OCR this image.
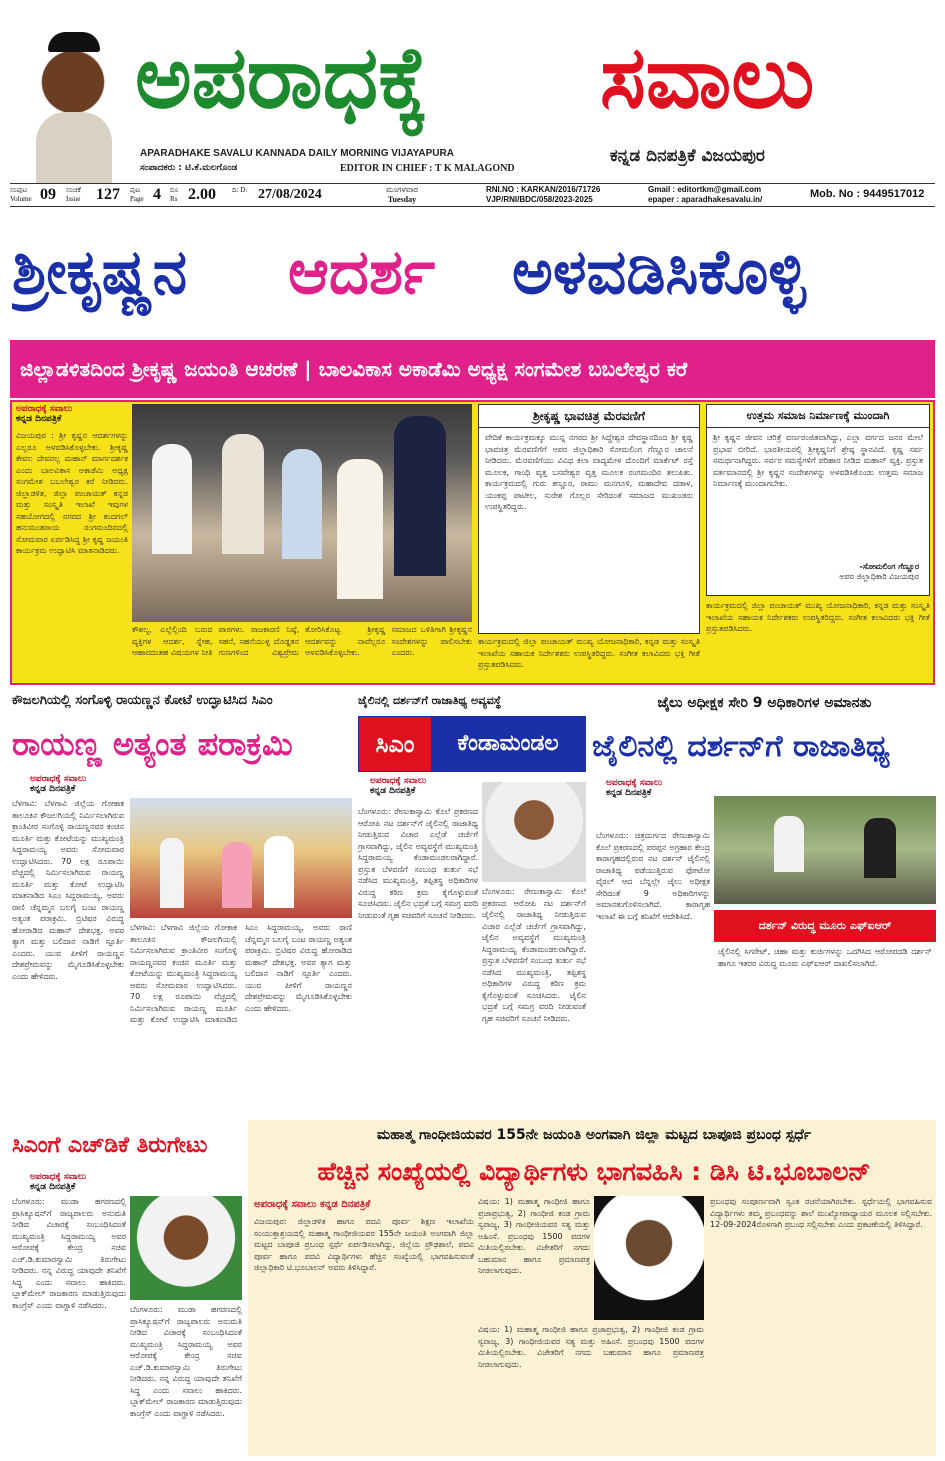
ಅಪರಾಧಕ್ಕೆ	ಸವಾಲು
APARADHAKE SAVALU KANNADA DAILY MORNING VIJAYAPURA
ಸಂಪಾದಕರು : ಟಿ.ಕೆ.ಮಲಗೊಂಡ	EDITOR IN CHIEF : T K MALAGOND
ಕನ್ನಡ ದಿನಪತ್ರಿಕೆ ವಿಜಯಪುರ
ಸಂಪುಟ
Volume 09 ಸಂಚಿಕೆ
Issue 127 ಪುಟ
Page 4 ರೂ
Rs 2.00 ದಿ: D: 27/08/2024	ಮಂಗಳವಾರ
Tuesday
RNI.NO : KARKAN/2016/71726
VJP/RNI/BDC/058/2023-2025
Gmail : editortkm@gmail.com
epaper : aparadhakesavalu.in/	Mob. No : 9449517012
ಶ್ರೀಕೃಷ್ಣನ	ಆದರ್ಶ	ಅಳವಡಿಸಿಕೊಳ್ಳಿ
ಜಿಲ್ಲಾಡಳಿತದಿಂದ ಶ್ರೀಕೃಷ್ಣ ಜಯಂತಿ ಆಚರಣೆ | ಬಾಲವಿಕಾಸ ಅಕಾಡೆಮಿ ಅಧ್ಯಕ್ಷ ಸಂಗಮೇಶ ಬಬಲೇಶ್ವರ ಕರೆ
ಅಪರಾಧಕ್ಕೆ ಸವಾಲು
ಕನ್ನಡ ದಿನಪತ್ರಿಕೆ
ವಿಜಯಪುರ : ಶ್ರೀ ಕೃಷ್ಣನ ಆದರ್ಶಗಳನ್ನು ಎಲ್ಲರೂ ಅಳವಡಿಸಿಕೊಳ್ಳಬೇಕು. ಶ್ರೀಕೃಷ್ಣ ಕೇವಲ ದೇವರಲ್ಲ ಮಹಾನ್ ಮಾರ್ಗದರ್ಶಕ ಎಂದು ಬಾಲವಿಕಾಸ ಅಕಾಡೆಮಿ ಅಧ್ಯಕ್ಷ ಸಂಗಮೇಶ ಬಬಲೇಶ್ವರ ಕರೆ ನೀಡಿದರು. ಜಿಲ್ಲಾಡಳಿತ, ಜಿಲ್ಲಾ ಪಂಚಾಯತ್ ಕನ್ನಡ ಮತ್ತು ಸಂಸ್ಕೃತಿ ಇಲಾಖೆ ಇವುಗಳ ಸಹಯೋಗದಲ್ಲಿ ನಗರದ ಶ್ರೀ ಕಂದಗಲ್ ಹನುಮಂತರಾಯ ರಂಗಮಂದಿರದಲ್ಲಿ ಸೋಮವಾರ ಏರ್ಪಡಿಸಿದ್ದ ಶ್ರೀ ಕೃಷ್ಣ ಜಯಂತಿ ಕಾರ್ಯಕ್ರಮ ಉದ್ಘಾಟಿಸಿ ಮಾತನಾಡಿದರು.
ಕೌಶಲ್ಯ, ಎಲ್ಲೆಲ್ಲಿಂದಿ ಬರುವ ವ್ಯಕ್ತಿಗಳ ಆದರ್ಶ, ಸ್ನೇಹ, ಆಹಾರದಂತಹ ವಿಷಯಗಳ ನೀತಿ ಪಾಠಗಳು. ರಾಜಕಾರಣಿ ನಿಷ್ಠೆ, ಸಹನೆ, ಸಹನೆಯುಳ್ಳ ದೊಡ್ಡತನ ಗುಣಗಳಿಂದ ವಿಶ್ವಪ್ರೇಮ ತೋರಿಸಿಕೊಟ್ಟ ಶ್ರೀಕೃಷ್ಣ ಆದರ್ಶವನ್ನು ನಾವೆಲ್ಲರೂ ಅಳವಡಿಸಿಕೊಳ್ಳಬೇಕು. ಸಮಾಜದ ಒಳಿತಿಗಾಗಿ ಶ್ರೀಕೃಷ್ಣನ ಸಂದೇಶಗಳನ್ನು ಪಾಲಿಸಬೇಕು ಎಂದರು.
ಶ್ರೀಕೃಷ್ಣ ಭಾವಚಿತ್ರ ಮೆರವಣಿಗೆ
ವೇದಿಕೆ ಕಾರ್ಯಕ್ರಮಕ್ಕೂ ಮುನ್ನ ನಗರದ ಶ್ರೀ ಸಿದ್ದೇಶ್ವರ ದೇವಸ್ಥಾನದಿಂದ ಶ್ರೀ ಕೃಷ್ಣ ಭಾವಚಿತ್ರ ಮೆರವಣಿಗೆಗೆ ಅಪರ ಜಿಲ್ಲಾಧಿಕಾರಿ ಸೋಮಲಿಂಗ ಗೆಣ್ಣೂರ ಚಾಲನೆ ನೀಡಿದರು. ಮೆರವಣಿಗೆಯು ವಿವಿಧ ಕಲಾ ವಾದ್ಯಮೇಳ ದೊಂದಿಗೆ ಮಾರ್ಕೆಟ್ ರಸ್ತೆ ಮೂಲಕ, ಗಾಂಧಿ ವೃತ್ತ ಬಸವೇಶ್ವರ ವೃತ್ತ ಮೂಲಕ ರಂಗಮಂದಿರ ತಲುಪಿತು. ಕಾರ್ಯಕ್ರಮದಲ್ಲಿ ಗುರು ಕಣ್ಣೂರ, ರಾಮು ಮನಗೂಳಿ, ಮಹಾದೇವ ದಡಾಳ, ಯಂಕಪ್ಪ ಪಾಟೀಲ, ಸುರೇಶ ಗೊಲ್ಲರ ಸೇರಿದಂತೆ ಸಮಾಜದ ಮುಖಂಡರು ಉಪಸ್ಥಿತರಿದ್ದರು.
ಕಾರ್ಯಕ್ರಮದಲ್ಲಿ ಜಿಲ್ಲಾ ಪಂಚಾಯತ್ ಮುಖ್ಯ ಯೋಜನಾಧಿಕಾರಿ, ಕನ್ನಡ ಮತ್ತು ಸಂಸ್ಕೃತಿ ಇಲಾಖೆಯ ಸಹಾಯಕ ನಿರ್ದೇಶಕರು ಉಪಸ್ಥಿತರಿದ್ದರು. ಸಂಗೀತ ಕಲಾವಿದರು ಭಕ್ತಿ ಗೀತೆ ಪ್ರಸ್ತುತಪಡಿಸಿದರು.
ಉತ್ತಮ ಸಮಾಜ ನಿರ್ಮಾಣಕ್ಕೆ ಮುಂದಾಗಿ
ಶ್ರೀ ಕೃಷ್ಣನ ಜೀವನ ಚರಿತ್ರೆ ವರ್ಣರಂಜಿತವಾಗಿದ್ದು, ಎಲ್ಲಾ ವರ್ಗದ ಜನರ ಮೇಲೆ ಪ್ರಭಾವ ಬೀರಿದೆ. ಭಾರತೀಯರಲ್ಲಿ ಶ್ರೀಕೃಷ್ಣನಿಗೆ ಶ್ರೇಷ್ಠ ಸ್ಥಾನವಿದೆ. ಕೃಷ್ಣ ಸರ್ವ ಸಮರ್ಥನಾಗಿದ್ದರು. ಸರ್ವರ ಸಮಸ್ಯೆಗಳಿಗೆ ಪರಿಹಾರ ನೀಡಿದ ಮಹಾನ್ ವ್ಯಕ್ತಿ. ಪ್ರಸ್ತುತ ವರ್ತಮಾನದಲ್ಲಿ ಶ್ರೀ ಕೃಷ್ಣನ ಸಂದೇಶಗಳನ್ನು ಅಳವಡಿಸಿಕೊಂಡು ಉತ್ತಮ ಸಮಾಜ ನಿರ್ಮಾಣಕ್ಕೆ ಮುಂದಾಗಬೇಕು.
-ಸೋಮಲಿಂಗ ಗೆಣ್ಣೂರ
ಅಪರ ಜಿಲ್ಲಾಧಿಕಾರಿ ವಿಜಯಪುರ
ಕಾರ್ಯಕ್ರಮದಲ್ಲಿ ಜಿಲ್ಲಾ ಪಂಚಾಯತ್ ಮುಖ್ಯ ಯೋಜನಾಧಿಕಾರಿ, ಕನ್ನಡ ಮತ್ತು ಸಂಸ್ಕೃತಿ ಇಲಾಖೆಯ ಸಹಾಯಕ ನಿರ್ದೇಶಕರು ಉಪಸ್ಥಿತರಿದ್ದರು. ಸಂಗೀತ ಕಲಾವಿದರು ಭಕ್ತಿ ಗೀತೆ ಪ್ರಸ್ತುತಪಡಿಸಿದರು.
ಕೌಜಲಗಿಯಲ್ಲಿ ಸಂಗೊಳ್ಳಿ ರಾಯಣ್ಣನ ಕೋಟೆ ಉದ್ಘಾಟಿಸಿದ ಸಿಎಂ
ರಾಯಣ್ಣ ಅತ್ಯಂತ ಪರಾಕ್ರಮಿ
ಅಪರಾಧಕ್ಕೆ ಸವಾಲು
ಕನ್ನಡ ದಿನಪತ್ರಿಕೆ
ಬೆಳಗಾವಿ: ಬೆಳಗಾವಿ ಜಿಲ್ಲೆಯ ಗೋಕಾಕ ತಾಲೂಕಿನ ಕೌಜಲಗಿಯಲ್ಲಿ ನಿರ್ಮಿಸಲಾಗಿರುವ ಕ್ರಾಂತಿವೀರ ಸಂಗೊಳ್ಳಿ ರಾಯಣ್ಣನವರ ಕಂಚಿನ ಮೂರ್ತಿ ಮತ್ತು ಕೋಟೆಯನ್ನು ಮುಖ್ಯಮಂತ್ರಿ ಸಿದ್ದರಾಮಯ್ಯ ಅವರು ಸೋಮವಾರ ಉದ್ಘಾಟಿಸಿದರು. 70 ಲಕ್ಷ ರೂಪಾಯಿ ವೆಚ್ಚದಲ್ಲಿ ನಿರ್ಮಿಸಲಾಗಿರುವ ರಾಯಣ್ಣ ಮೂರ್ತಿ ಮತ್ತು ಕೋಟೆ ಉದ್ಘಾಟಿಸಿ ಮಾತನಾಡಿದ ಸಿಎಂ ಸಿದ್ದರಾಮಯ್ಯ, ಅವರು ರಾಣಿ ಚೆನ್ನಮ್ಮನ ಬಲಗೈ ಬಂಟ ರಾಯಣ್ಣ ಅತ್ಯಂತ ಪರಾಕ್ರಮಿ. ಬ್ರಿಟಿಷರ ವಿರುದ್ಧ ಹೋರಾಡಿದ ಮಹಾನ್ ದೇಶಭಕ್ತ. ಅವರ ತ್ಯಾಗ ಮತ್ತು ಬಲಿದಾನ ನಾಡಿಗೆ ಸ್ಫೂರ್ತಿ ಎಂದರು. ಯುವ ಪೀಳಿಗೆ ರಾಯಣ್ಣನ ದೇಶಪ್ರೇಮವನ್ನು ಮೈಗೂಡಿಸಿಕೊಳ್ಳಬೇಕು ಎಂದು ಹೇಳಿದರು.
ಬೆಳಗಾವಿ: ಬೆಳಗಾವಿ ಜಿಲ್ಲೆಯ ಗೋಕಾಕ ತಾಲೂಕಿನ ಕೌಜಲಗಿಯಲ್ಲಿ ನಿರ್ಮಿಸಲಾಗಿರುವ ಕ್ರಾಂತಿವೀರ ಸಂಗೊಳ್ಳಿ ರಾಯಣ್ಣನವರ ಕಂಚಿನ ಮೂರ್ತಿ ಮತ್ತು ಕೋಟೆಯನ್ನು ಮುಖ್ಯಮಂತ್ರಿ ಸಿದ್ದರಾಮಯ್ಯ ಅವರು ಸೋಮವಾರ ಉದ್ಘಾಟಿಸಿದರು. 70 ಲಕ್ಷ ರೂಪಾಯಿ ವೆಚ್ಚದಲ್ಲಿ ನಿರ್ಮಿಸಲಾಗಿರುವ ರಾಯಣ್ಣ ಮೂರ್ತಿ ಮತ್ತು ಕೋಟೆ ಉದ್ಘಾಟಿಸಿ ಮಾತನಾಡಿದ ಸಿಎಂ ಸಿದ್ದರಾಮಯ್ಯ, ಅವರು ರಾಣಿ ಚೆನ್ನಮ್ಮನ ಬಲಗೈ ಬಂಟ ರಾಯಣ್ಣ ಅತ್ಯಂತ ಪರಾಕ್ರಮಿ. ಬ್ರಿಟಿಷರ ವಿರುದ್ಧ ಹೋರಾಡಿದ ಮಹಾನ್ ದೇಶಭಕ್ತ. ಅವರ ತ್ಯಾಗ ಮತ್ತು ಬಲಿದಾನ ನಾಡಿಗೆ ಸ್ಫೂರ್ತಿ ಎಂದರು. ಯುವ ಪೀಳಿಗೆ ರಾಯಣ್ಣನ ದೇಶಪ್ರೇಮವನ್ನು ಮೈಗೂಡಿಸಿಕೊಳ್ಳಬೇಕು ಎಂದು ಹೇಳಿದರು.
ಜೈಲಿನಲ್ಲಿ ದರ್ಶನ್‌ಗೆ ರಾಜಾತಿಥ್ಯ ಅವ್ಯವಸ್ಥೆ
ಸಿಎಂ	ಕೆಂಡಾಮಂಡಲ
ಅಪರಾಧಕ್ಕೆ ಸವಾಲು
ಕನ್ನಡ ದಿನಪತ್ರಿಕೆ
ಬೆಂಗಳೂರು: ರೇಣುಕಾಸ್ವಾಮಿ ಕೊಲೆ ಪ್ರಕರಣದ ಆರೋಪಿ ನಟ ದರ್ಶನ್‌ಗೆ ಜೈಲಿನಲ್ಲಿ ರಾಜಾತಿಥ್ಯ ನೀಡುತ್ತಿರುವ ವಿಚಾರ ಎಲ್ಲೆಡೆ ಚರ್ಚೆಗೆ ಗ್ರಾಸವಾಗಿದ್ದು, ಜೈಲಿನ ಅವ್ಯವಸ್ಥೆಗೆ ಮುಖ್ಯಮಂತ್ರಿ ಸಿದ್ದರಾಮಯ್ಯ ಕೆಂಡಾಮಂಡಲರಾಗಿದ್ದಾರೆ. ಪ್ರಸ್ತುತ ಬೆಳವಣಿಗೆ ಸಂಬಂಧ ತುರ್ತು ಸಭೆ ನಡೆಸಿದ ಮುಖ್ಯಮಂತ್ರಿ, ತಪ್ಪಿತಸ್ಥ ಅಧಿಕಾರಿಗಳ ವಿರುದ್ಧ ಕಠಿಣ ಕ್ರಮ ಕೈಗೊಳ್ಳುವಂತೆ ಸೂಚಿಸಿದರು. ಜೈಲಿನ ಭದ್ರತೆ ಬಗ್ಗೆ ಸಮಗ್ರ ವರದಿ ನೀಡುವಂತೆ ಗೃಹ ಸಚಿವರಿಗೆ ಸೂಚನೆ ನೀಡಿದರು.
ಬೆಂಗಳೂರು: ರೇಣುಕಾಸ್ವಾಮಿ ಕೊಲೆ ಪ್ರಕರಣದ ಆರೋಪಿ ನಟ ದರ್ಶನ್‌ಗೆ ಜೈಲಿನಲ್ಲಿ ರಾಜಾತಿಥ್ಯ ನೀಡುತ್ತಿರುವ ವಿಚಾರ ಎಲ್ಲೆಡೆ ಚರ್ಚೆಗೆ ಗ್ರಾಸವಾಗಿದ್ದು, ಜೈಲಿನ ಅವ್ಯವಸ್ಥೆಗೆ ಮುಖ್ಯಮಂತ್ರಿ ಸಿದ್ದರಾಮಯ್ಯ ಕೆಂಡಾಮಂಡಲರಾಗಿದ್ದಾರೆ. ಪ್ರಸ್ತುತ ಬೆಳವಣಿಗೆ ಸಂಬಂಧ ತುರ್ತು ಸಭೆ ನಡೆಸಿದ ಮುಖ್ಯಮಂತ್ರಿ, ತಪ್ಪಿತಸ್ಥ ಅಧಿಕಾರಿಗಳ ವಿರುದ್ಧ ಕಠಿಣ ಕ್ರಮ ಕೈಗೊಳ್ಳುವಂತೆ ಸೂಚಿಸಿದರು. ಜೈಲಿನ ಭದ್ರತೆ ಬಗ್ಗೆ ಸಮಗ್ರ ವರದಿ ನೀಡುವಂತೆ ಗೃಹ ಸಚಿವರಿಗೆ ಸೂಚನೆ ನೀಡಿದರು.
ಜೈಲು ಅಧೀಕ್ಷಕ ಸೇರಿ 9 ಅಧಿಕಾರಿಗಳ ಅಮಾನತು
ಜೈಲಿನಲ್ಲಿ ದರ್ಶನ್‌ಗೆ ರಾಜಾತಿಥ್ಯ
ಅಪರಾಧಕ್ಕೆ ಸವಾಲು
ಕನ್ನಡ ದಿನಪತ್ರಿಕೆ
ಬೆಂಗಳೂರು: ಚಿತ್ರದುರ್ಗದ ರೇಣುಕಾಸ್ವಾಮಿ ಕೊಲೆ ಪ್ರಕರಣದಲ್ಲಿ ಪರಪ್ಪನ ಅಗ್ರಹಾರ ಕೇಂದ್ರ ಕಾರಾಗೃಹದಲ್ಲಿರುವ ನಟ ದರ್ಶನ್ ಜೈಲಿನಲ್ಲಿ ರಾಜಾತಿಥ್ಯ ಪಡೆಯುತ್ತಿರುವ ಫೋಟೋ ವೈರಲ್ ಆದ ಬೆನ್ನಲ್ಲೇ ಜೈಲು ಅಧೀಕ್ಷಕ ಸೇರಿದಂತೆ 9 ಅಧಿಕಾರಿಗಳನ್ನು ಅಮಾನತುಗೊಳಿಸಲಾಗಿದೆ. ಕಾರಾಗೃಹ ಇಲಾಖೆ ಈ ಬಗ್ಗೆ ತನಿಖೆಗೆ ಆದೇಶಿಸಿದೆ.
ದರ್ಶನ್ ವಿರುದ್ಧ ಮೂರು ಎಫ್‌ಐಆರ್
ಜೈಲಿನಲ್ಲಿ ಸಿಗರೇಟ್, ಚಹಾ ಮತ್ತು ಕುರ್ಚಿಗಳನ್ನು ಒದಗಿಸಿದ ಆರೋಪದಡಿ ದರ್ಶನ್ ಹಾಗೂ ಇತರರ ವಿರುದ್ಧ ಮೂರು ಎಫ್‌ಐಆರ್ ದಾಖಲಿಸಲಾಗಿದೆ.
ಸಿಎಂಗೆ ಎಚ್‌ಡಿಕೆ ತಿರುಗೇಟು
ಅಪರಾಧಕ್ಕೆ ಸವಾಲು
ಕನ್ನಡ ದಿನಪತ್ರಿಕೆ
ಬೆಂಗಳೂರು: ಮುಡಾ ಹಗರಣದಲ್ಲಿ ಪ್ರಾಸಿಕ್ಯೂಷನ್‌ಗೆ ರಾಜ್ಯಪಾಲರು ಅನುಮತಿ ನೀಡಿದ ವಿಚಾರಕ್ಕೆ ಸಂಬಂಧಿಸಿದಂತೆ ಮುಖ್ಯಮಂತ್ರಿ ಸಿದ್ದರಾಮಯ್ಯ ಅವರ ಆರೋಪಕ್ಕೆ ಕೇಂದ್ರ ಸಚಿವ ಎಚ್.ಡಿ.ಕುಮಾರಸ್ವಾಮಿ ತಿರುಗೇಟು ನೀಡಿದರು. ನನ್ನ ವಿರುದ್ಧ ಯಾವುದೇ ತನಿಖೆಗೆ ಸಿದ್ಧ ಎಂದು ಸವಾಲು ಹಾಕಿದರು. ಬ್ಲಾಕ್‌ಮೇಲ್ ರಾಜಕಾರಣ ಮಾಡುತ್ತಿರುವುದು ಕಾಂಗ್ರೆಸ್ ಎಂದು ವಾಗ್ದಾಳಿ ನಡೆಸಿದರು.	ಬೆಂಗಳೂರು: ಮುಡಾ ಹಗರಣದಲ್ಲಿ ಪ್ರಾಸಿಕ್ಯೂಷನ್‌ಗೆ ರಾಜ್ಯಪಾಲರು ಅನುಮತಿ ನೀಡಿದ ವಿಚಾರಕ್ಕೆ ಸಂಬಂಧಿಸಿದಂತೆ ಮುಖ್ಯಮಂತ್ರಿ ಸಿದ್ದರಾಮಯ್ಯ ಅವರ ಆರೋಪಕ್ಕೆ ಕೇಂದ್ರ ಸಚಿವ ಎಚ್.ಡಿ.ಕುಮಾರಸ್ವಾಮಿ ತಿರುಗೇಟು ನೀಡಿದರು. ನನ್ನ ವಿರುದ್ಧ ಯಾವುದೇ ತನಿಖೆಗೆ ಸಿದ್ಧ ಎಂದು ಸವಾಲು ಹಾಕಿದರು. ಬ್ಲಾಕ್‌ಮೇಲ್ ರಾಜಕಾರಣ ಮಾಡುತ್ತಿರುವುದು ಕಾಂಗ್ರೆಸ್ ಎಂದು ವಾಗ್ದಾಳಿ ನಡೆಸಿದರು.
ಮಹಾತ್ಮ ಗಾಂಧೀಜಿಯವರ 155ನೇ ಜಯಂತಿ ಅಂಗವಾಗಿ ಜಿಲ್ಲಾ ಮಟ್ಟದ ಬಾಪೂಜಿ ಪ್ರಬಂಧ ಸ್ಪರ್ಧೆ
ಹೆಚ್ಚಿನ ಸಂಖ್ಯೆಯಲ್ಲಿ ವಿದ್ಯಾರ್ಥಿಗಳು ಭಾಗವಹಿಸಿ : ಡಿಸಿ ಟಿ.ಭೂಬಾಲನ್
ಅಪರಾಧಕ್ಕೆ ಸವಾಲು ಕನ್ನಡ ದಿನಪತ್ರಿಕೆ
ವಿಜಯಪುರ: ಜಿಲ್ಲಾಡಳಿತ ಹಾಗೂ ಪದವಿ ಪೂರ್ವ ಶಿಕ್ಷಣ ಇಲಾಖೆಯ ಸಂಯುಕ್ತಾಶ್ರಯದಲ್ಲಿ ಮಹಾತ್ಮ ಗಾಂಧೀಜಿಯವರ 155ನೇ ಜಯಂತಿ ಅಂಗವಾಗಿ ಜಿಲ್ಲಾ ಮಟ್ಟದ ಬಾಪೂಜಿ ಪ್ರಬಂಧ ಸ್ಪರ್ಧೆ ಏರ್ಪಡಿಸಲಾಗಿದ್ದು, ಜಿಲ್ಲೆಯ ಪ್ರೌಢಶಾಲೆ, ಪದವಿ ಪೂರ್ವ ಹಾಗೂ ಪದವಿ ವಿದ್ಯಾರ್ಥಿಗಳು ಹೆಚ್ಚಿನ ಸಂಖ್ಯೆಯಲ್ಲಿ ಭಾಗವಹಿಸುವಂತೆ ಜಿಲ್ಲಾಧಿಕಾರಿ ಟಿ.ಭೂಬಾಲನ್ ಅವರು ತಿಳಿಸಿದ್ದಾರೆ.
ವಿಷಯ: 1) ಮಹಾತ್ಮ ಗಾಂಧೀಜಿ ಹಾಗೂ ಪ್ರಜಾಪ್ರಭುತ್ವ, 2) ಗಾಂಧೀಜಿ ಕಂಡ ಗ್ರಾಮ ಸ್ವರಾಜ್ಯ, 3) ಗಾಂಧೀಜಿಯವರ ಸತ್ಯ ಮತ್ತು ಅಹಿಂಸೆ. ಪ್ರಬಂಧವು 1500 ಪದಗಳ ಮಿತಿಯಲ್ಲಿರಬೇಕು. ವಿಜೇತರಿಗೆ ನಗದು ಬಹುಮಾನ ಹಾಗೂ ಪ್ರಮಾಣಪತ್ರ ನೀಡಲಾಗುವುದು.
ವಿಷಯ: 1) ಮಹಾತ್ಮ ಗಾಂಧೀಜಿ ಹಾಗೂ ಪ್ರಜಾಪ್ರಭುತ್ವ, 2) ಗಾಂಧೀಜಿ ಕಂಡ ಗ್ರಾಮ ಸ್ವರಾಜ್ಯ, 3) ಗಾಂಧೀಜಿಯವರ ಸತ್ಯ ಮತ್ತು ಅಹಿಂಸೆ. ಪ್ರಬಂಧವು 1500 ಪದಗಳ ಮಿತಿಯಲ್ಲಿರಬೇಕು. ವಿಜೇತರಿಗೆ ನಗದು ಬಹುಮಾನ ಹಾಗೂ ಪ್ರಮಾಣಪತ್ರ ನೀಡಲಾಗುವುದು.
ಪ್ರಬಂಧವು ಸಂಪೂರ್ಣವಾಗಿ ಸ್ವಂತ ರಚನೆಯಾಗಿರಬೇಕು. ಸ್ಪರ್ಧೆಯಲ್ಲಿ ಭಾಗವಹಿಸುವ ವಿದ್ಯಾರ್ಥಿಗಳು ತಮ್ಮ ಪ್ರಬಂಧವನ್ನು ಶಾಲೆ ಮುಖ್ಯೋಪಾಧ್ಯಾಯರ ಮೂಲಕ ಸಲ್ಲಿಸಬೇಕು. 12-09-2024ರೊಳಗಾಗಿ ಪ್ರಬಂಧ ಸಲ್ಲಿಸಬೇಕು ಎಂದು ಪ್ರಕಟಣೆಯಲ್ಲಿ ತಿಳಿಸಿದ್ದಾರೆ.
